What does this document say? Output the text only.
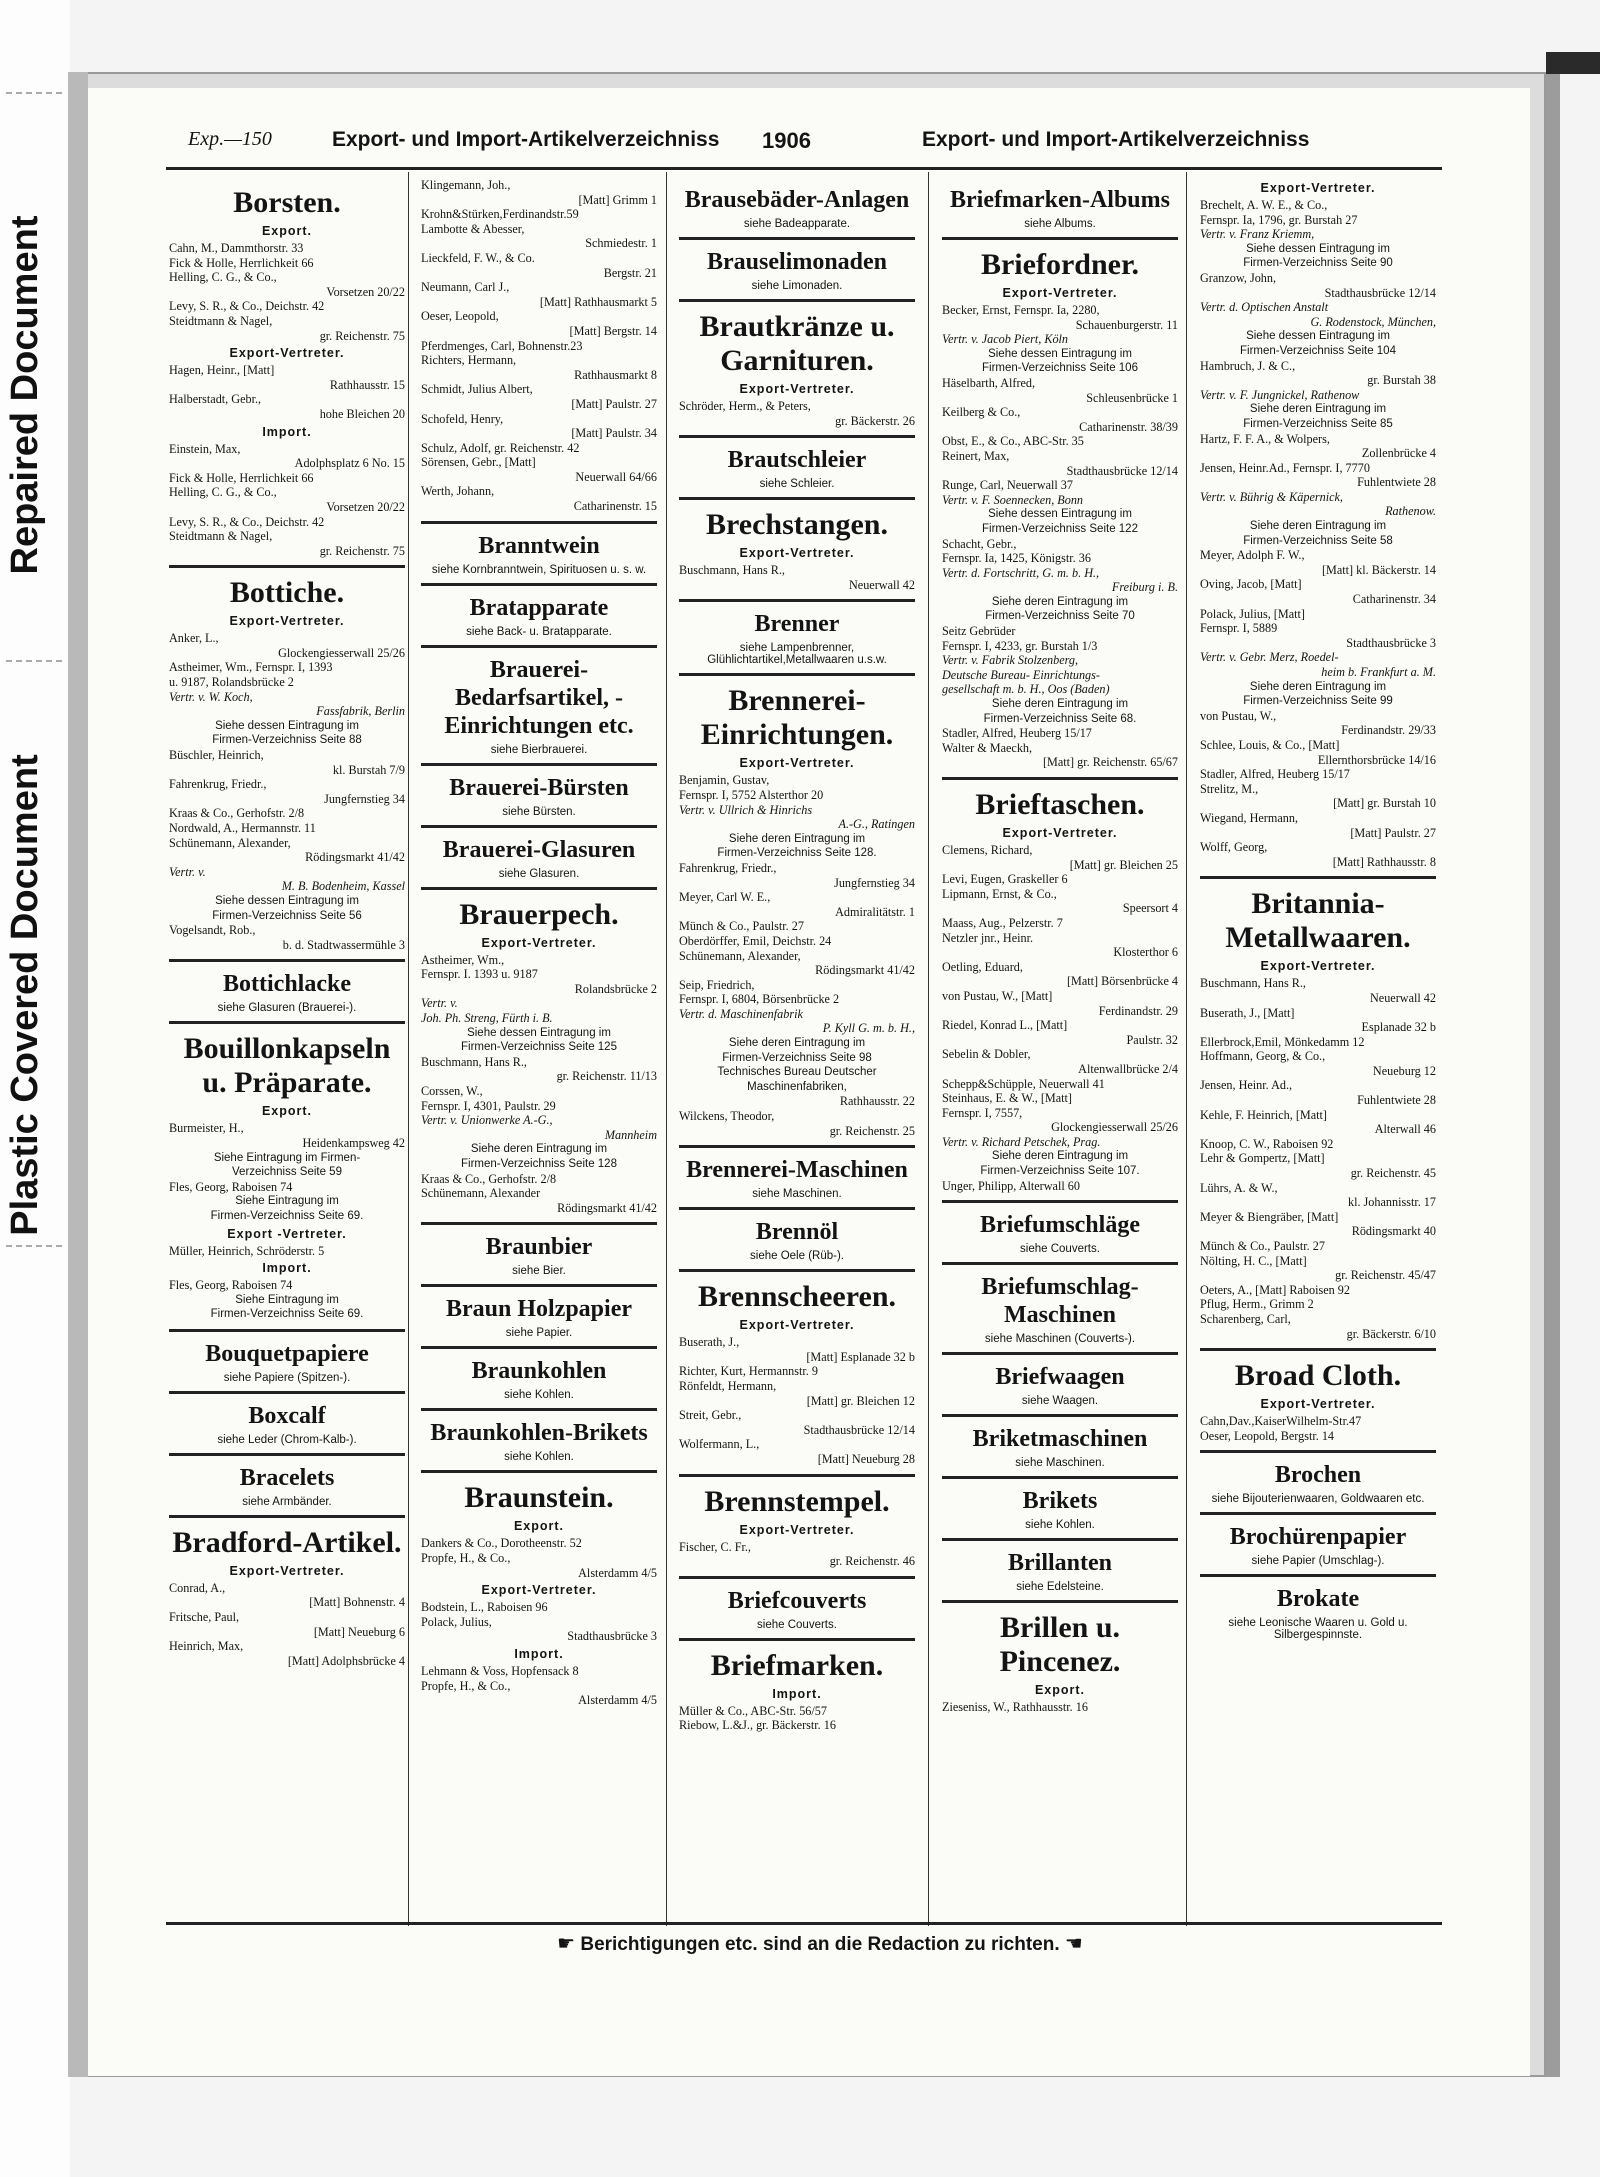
Repaired Document
Plastic Covered Document
Exp.—150	Export- und Import-Artikelverzeichniss 1906	Export- und Import-Artikelverzeichniss
Borsten.
Export.
Cahn, M., Dammthorstr. 33
Fick & Holle, Herrlichkeit 66
Helling, C. G., & Co.,
Vorsetzen 20/22
Levy, S. R., & Co., Deichstr. 42
Steidtmann & Nagel,
gr. Reichenstr. 75
Export-Vertreter.
Hagen, Heinr., [Matt]
Rathhausstr. 15
Halberstadt, Gebr.,
hohe Bleichen 20
Import.
Einstein, Max,
Adolphsplatz 6 No. 15
Fick & Holle, Herrlichkeit 66
Helling, C. G., & Co.,
Vorsetzen 20/22
Levy, S. R., & Co., Deichstr. 42
Steidtmann & Nagel,
gr. Reichenstr. 75
Bottiche.
Export-Vertreter.
Anker, L.,
Glockengiesserwall 25/26
Astheimer, Wm., Fernspr. I, 1393
u. 9187, Rolandsbrücke 2
Vertr. v. W. Koch,
Fassfabrik, Berlin
Siehe dessen Eintragung im
Firmen-Verzeichniss Seite 88
Büschler, Heinrich,
kl. Burstah 7/9
Fahrenkrug, Friedr.,
Jungfernstieg 34
Kraas & Co., Gerhofstr. 2/8
Nordwald, A., Hermannstr. 11
Schünemann, Alexander,
Rödingsmarkt 41/42
Vertr. v.
M. B. Bodenheim, Kassel
Siehe dessen Eintragung im
Firmen-Verzeichniss Seite 56
Vogelsandt, Rob.,
b. d. Stadtwassermühle 3
Bottichlacke
siehe Glasuren (Brauerei-).
Bouillonkapseln u. Präparate.
Export.
Burmeister, H.,
Heidenkampsweg 42
Siehe Eintragung im Firmen-
Verzeichniss Seite 59
Fles, Georg, Raboisen 74
Siehe Eintragung im
Firmen-Verzeichniss Seite 69.
Export -Vertreter.
Müller, Heinrich, Schröderstr. 5
Import.
Fles, Georg, Raboisen 74
Siehe Eintragung im
Firmen-Verzeichniss Seite 69.
Bouquetpapiere
siehe Papiere (Spitzen-).
Boxcalf
siehe Leder (Chrom-Kalb-).
Bracelets
siehe Armbänder.
Bradford-Artikel.
Export-Vertreter.
Conrad, A.,
[Matt] Bohnenstr. 4
Fritsche, Paul,
[Matt] Neueburg 6
Heinrich, Max,
[Matt] Adolphsbrücke 4
Klingemann, Joh.,
[Matt] Grimm 1
Krohn&Stürken,Ferdinandstr.59
Lambotte & Abesser,
Schmiedestr. 1
Lieckfeld, F. W., & Co.
Bergstr. 21
Neumann, Carl J.,
[Matt] Rathhausmarkt 5
Oeser, Leopold,
[Matt] Bergstr. 14
Pferdmenges, Carl, Bohnenstr.23
Richters, Hermann,
Rathhausmarkt 8
Schmidt, Julius Albert,
[Matt] Paulstr. 27
Schofeld, Henry,
[Matt] Paulstr. 34
Schulz, Adolf, gr. Reichenstr. 42
Sörensen, Gebr., [Matt]
Neuerwall 64/66
Werth, Johann,
Catharinenstr. 15
Branntwein
siehe Kornbranntwein, Spirituosen u. s. w.
Bratapparate
siehe Back- u. Bratapparate.
Brauerei-Bedarfsartikel, -Einrichtungen etc.
siehe Bierbrauerei.
Brauerei-Bürsten
siehe Bürsten.
Brauerei-Glasuren
siehe Glasuren.
Brauerpech.
Export-Vertreter.
Astheimer, Wm.,
Fernspr. I. 1393 u. 9187
Rolandsbrücke 2
Vertr. v.
Joh. Ph. Streng, Fürth i. B.
Siehe dessen Eintragung im
Firmen-Verzeichniss Seite 125
Buschmann, Hans R.,
gr. Reichenstr. 11/13
Corssen, W.,
Fernspr. I, 4301, Paulstr. 29
Vertr. v. Unionwerke A.-G.,
Mannheim
Siehe deren Eintragung im
Firmen-Verzeichniss Seite 128
Kraas & Co., Gerhofstr. 2/8
Schünemann, Alexander
Rödingsmarkt 41/42
Braunbier
siehe Bier.
Braun Holzpapier
siehe Papier.
Braunkohlen
siehe Kohlen.
Braunkohlen-Brikets
siehe Kohlen.
Braunstein.
Export.
Dankers & Co., Dorotheenstr. 52
Propfe, H., & Co.,
Alsterdamm 4/5
Export-Vertreter.
Bodstein, L., Raboisen 96
Polack, Julius,
Stadthausbrücke 3
Import.
Lehmann & Voss, Hopfensack 8
Propfe, H., & Co.,
Alsterdamm 4/5
Brausebäder-Anlagen
siehe Badeapparate.
Brauselimonaden
siehe Limonaden.
Brautkränze u. Garnituren.
Export-Vertreter.
Schröder, Herm., & Peters,
gr. Bäckerstr. 26
Brautschleier
siehe Schleier.
Brechstangen.
Export-Vertreter.
Buschmann, Hans R.,
Neuerwall 42
Brenner
siehe Lampenbrenner, Glühlichtartikel,Metallwaaren u.s.w.
Brennerei-Einrichtungen.
Export-Vertreter.
Benjamin, Gustav,
Fernspr. I, 5752 Alsterthor 20
Vertr. v. Ullrich & Hinrichs
A.-G., Ratingen
Siehe deren Eintragung im
Firmen-Verzeichniss Seite 128.
Fahrenkrug, Friedr.,
Jungfernstieg 34
Meyer, Carl W. E.,
Admiralitätstr. 1
Münch & Co., Paulstr. 27
Oberdörffer, Emil, Deichstr. 24
Schünemann, Alexander,
Rödingsmarkt 41/42
Seip, Friedrich,
Fernspr. I, 6804, Börsenbrücke 2
Vertr. d. Maschinenfabrik
P. Kyll G. m. b. H.,
Siehe deren Eintragung im
Firmen-Verzeichniss Seite 98
Technisches Bureau Deutscher
Maschinenfabriken,
Rathhausstr. 22
Wilckens, Theodor,
gr. Reichenstr. 25
Brennerei-Maschinen
siehe Maschinen.
Brennöl
siehe Oele (Rüb-).
Brennscheeren.
Export-Vertreter.
Buserath, J.,
[Matt] Esplanade 32 b
Richter, Kurt, Hermannstr. 9
Rönfeldt, Hermann,
[Matt] gr. Bleichen 12
Streit, Gebr.,
Stadthausbrücke 12/14
Wolfermann, L.,
[Matt] Neueburg 28
Brennstempel.
Export-Vertreter.
Fischer, C. Fr.,
gr. Reichenstr. 46
Briefcouverts
siehe Couverts.
Briefmarken.
Import.
Müller & Co., ABC-Str. 56/57
Riebow, L.&J., gr. Bäckerstr. 16
Briefmarken-Albums
siehe Albums.
Briefordner.
Export-Vertreter.
Becker, Ernst, Fernspr. Ia, 2280,
Schauenburgerstr. 11
Vertr. v. Jacob Piert, Köln
Siehe dessen Eintragung im
Firmen-Verzeichniss Seite 106
Häselbarth, Alfred,
Schleusenbrücke 1
Keilberg & Co.,
Catharinenstr. 38/39
Obst, E., & Co., ABC-Str. 35
Reinert, Max,
Stadthausbrücke 12/14
Runge, Carl, Neuerwall 37
Vertr. v. F. Soennecken, Bonn
Siehe dessen Eintragung im
Firmen-Verzeichniss Seite 122
Schacht, Gebr.,
Fernspr. Ia, 1425, Königstr. 36
Vertr. d. Fortschritt, G. m. b. H.,
Freiburg i. B.
Siehe deren Eintragung im
Firmen-Verzeichniss Seite 70
Seitz Gebrüder
Fernspr. I, 4233, gr. Burstah 1/3
Vertr. v. Fabrik Stolzenberg,
Deutsche Bureau- Einrichtungs-
gesellschaft m. b. H., Oos (Baden)
Siehe deren Eintragung im
Firmen-Verzeichniss Seite 68.
Stadler, Alfred, Heuberg 15/17
Walter & Maeckh,
[Matt] gr. Reichenstr. 65/67
Brieftaschen.
Export-Vertreter.
Clemens, Richard,
[Matt] gr. Bleichen 25
Levi, Eugen, Graskeller 6
Lipmann, Ernst, & Co.,
Speersort 4
Maass, Aug., Pelzerstr. 7
Netzler jnr., Heinr.
Klosterthor 6
Oetling, Eduard,
[Matt] Börsenbrücke 4
von Pustau, W., [Matt]
Ferdinandstr. 29
Riedel, Konrad L., [Matt]
Paulstr. 32
Sebelin & Dobler,
Altenwallbrücke 2/4
Schepp&Schüpple, Neuerwall 41
Steinhaus, E. & W., [Matt]
Fernspr. I, 7557,
Glockengiesserwall 25/26
Vertr. v. Richard Petschek, Prag.
Siehe deren Eintragung im
Firmen-Verzeichniss Seite 107.
Unger, Philipp, Alterwall 60
Briefumschläge
siehe Couverts.
Briefumschlag-Maschinen
siehe Maschinen (Couverts-).
Briefwaagen
siehe Waagen.
Briketmaschinen
siehe Maschinen.
Brikets
siehe Kohlen.
Brillanten
siehe Edelsteine.
Brillen u. Pincenez.
Export.
Zieseniss, W., Rathhausstr. 16
Export-Vertreter.
Brechelt, A. W. E., & Co.,
Fernspr. Ia, 1796, gr. Burstah 27
Vertr. v. Franz Kriemm,
Siehe dessen Eintragung im
Firmen-Verzeichniss Seite 90
Granzow, John,
Stadthausbrücke 12/14
Vertr. d. Optischen Anstalt
G. Rodenstock, München,
Siehe dessen Eintragung im
Firmen-Verzeichniss Seite 104
Hambruch, J. & C.,
gr. Burstah 38
Vertr. v. F. Jungnickel, Rathenow
Siehe deren Eintragung im
Firmen-Verzeichniss Seite 85
Hartz, F. F. A., & Wolpers,
Zollenbrücke 4
Jensen, Heinr.Ad., Fernspr. I, 7770
Fuhlentwiete 28
Vertr. v. Bührig & Käpernick,
Rathenow.
Siehe deren Eintragung im
Firmen-Verzeichniss Seite 58
Meyer, Adolph F. W.,
[Matt] kl. Bäckerstr. 14
Oving, Jacob, [Matt]
Catharinenstr. 34
Polack, Julius, [Matt]
Fernspr. I, 5889
Stadthausbrücke 3
Vertr. v. Gebr. Merz, Roedel-
heim b. Frankfurt a. M.
Siehe deren Eintragung im
Firmen-Verzeichniss Seite 99
von Pustau, W.,
Ferdinandstr. 29/33
Schlee, Louis, & Co., [Matt]
Ellernthorsbrücke 14/16
Stadler, Alfred, Heuberg 15/17
Strelitz, M.,
[Matt] gr. Burstah 10
Wiegand, Hermann,
[Matt] Paulstr. 27
Wolff, Georg,
[Matt] Rathhausstr. 8
Britannia-Metallwaaren.
Export-Vertreter.
Buschmann, Hans R.,
Neuerwall 42
Buserath, J., [Matt]
Esplanade 32 b
Ellerbrock,Emil, Mönkedamm 12
Hoffmann, Georg, & Co.,
Neueburg 12
Jensen, Heinr. Ad.,
Fuhlentwiete 28
Kehle, F. Heinrich, [Matt]
Alterwall 46
Knoop, C. W., Raboisen 92
Lehr & Gompertz, [Matt]
gr. Reichenstr. 45
Lührs, A. & W.,
kl. Johannisstr. 17
Meyer & Biengräber, [Matt]
Rödingsmarkt 40
Münch & Co., Paulstr. 27
Nölting, H. C., [Matt]
gr. Reichenstr. 45/47
Oeters, A., [Matt] Raboisen 92
Pflug, Herm., Grimm 2
Scharenberg, Carl,
gr. Bäckerstr. 6/10
Broad Cloth.
Export-Vertreter.
Cahn,Dav.,KaiserWilhelm-Str.47
Oeser, Leopold, Bergstr. 14
Brochen
siehe Bijouterienwaaren, Goldwaaren etc.
Brochürenpapier
siehe Papier (Umschlag-).
Brokate
siehe Leonische Waaren u. Gold u. Silbergespinnste.
☛ Berichtigungen etc. sind an die Redaction zu richten. ☚
